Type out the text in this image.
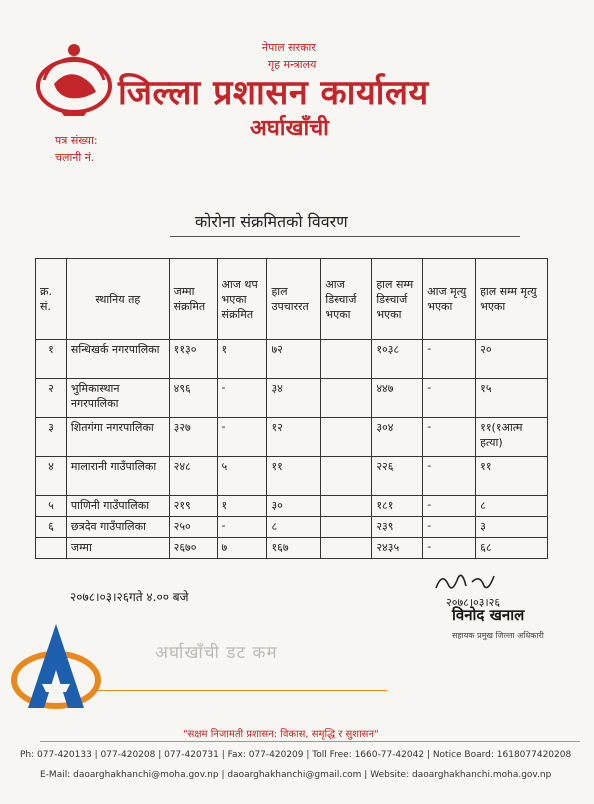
नेपाल सरकार
गृह मन्त्रालय
जिल्ला प्रशासन कार्यालय
अर्घाखाँची
पत्र संख्या:
चलानी नं.
कोरोना संक्रमितको विवरण
क्र. सं.	स्थानिय तह	जम्मा संक्रमित	आज थप भएका संक्रमित	हाल उपचाररत	आज डिस्चार्ज भएका	हाल सम्म डिस्चार्ज भएका	आज मृत्यु भएका	हाल सम्म मृत्यु भएका
१	सन्धिखर्क नगरपालिका	११३०	१	७२		१०३८	-	२०
२	भुमिकास्थान नगरपालिका	४९६	-	३४		४४७	-	१५
३	शितगंगा नगरपालिका	३२७	-	१२		३०४	-	११(१आत्म हत्या)
४	मालारानी गाउँपालिका	२४८	५	११		२२६	-	११
५	पाणिनी गाउँपालिका	२१९	१	३०		१८१	-	८
६	छत्रदेव गाउँपालिका	२५०	-	८		२३९	-	३
	जम्मा	२६७०	७	१६७		२४३५	-	६८
२०७८।०३।२६गते ४.०० बजे	२०७८।०३।२६
विनोद खनाल
सहायक प्रमुख जिल्ला अधिकारी
अर्घाखाँची डट कम
"सक्षम निजामती प्रशासन: विकास, समृद्धि र सुशासन"
Ph: 077-420133 | 077-420208 | 077-420731 | Fax: 077-420209 | Toll Free: 1660-77-42042 | Notice Board: 1618077420208
E-Mail: daoarghakhanchi@moha.gov.np | daoarghakhanchi@gmail.com | Website: daoarghakhanchi.moha.gov.np
